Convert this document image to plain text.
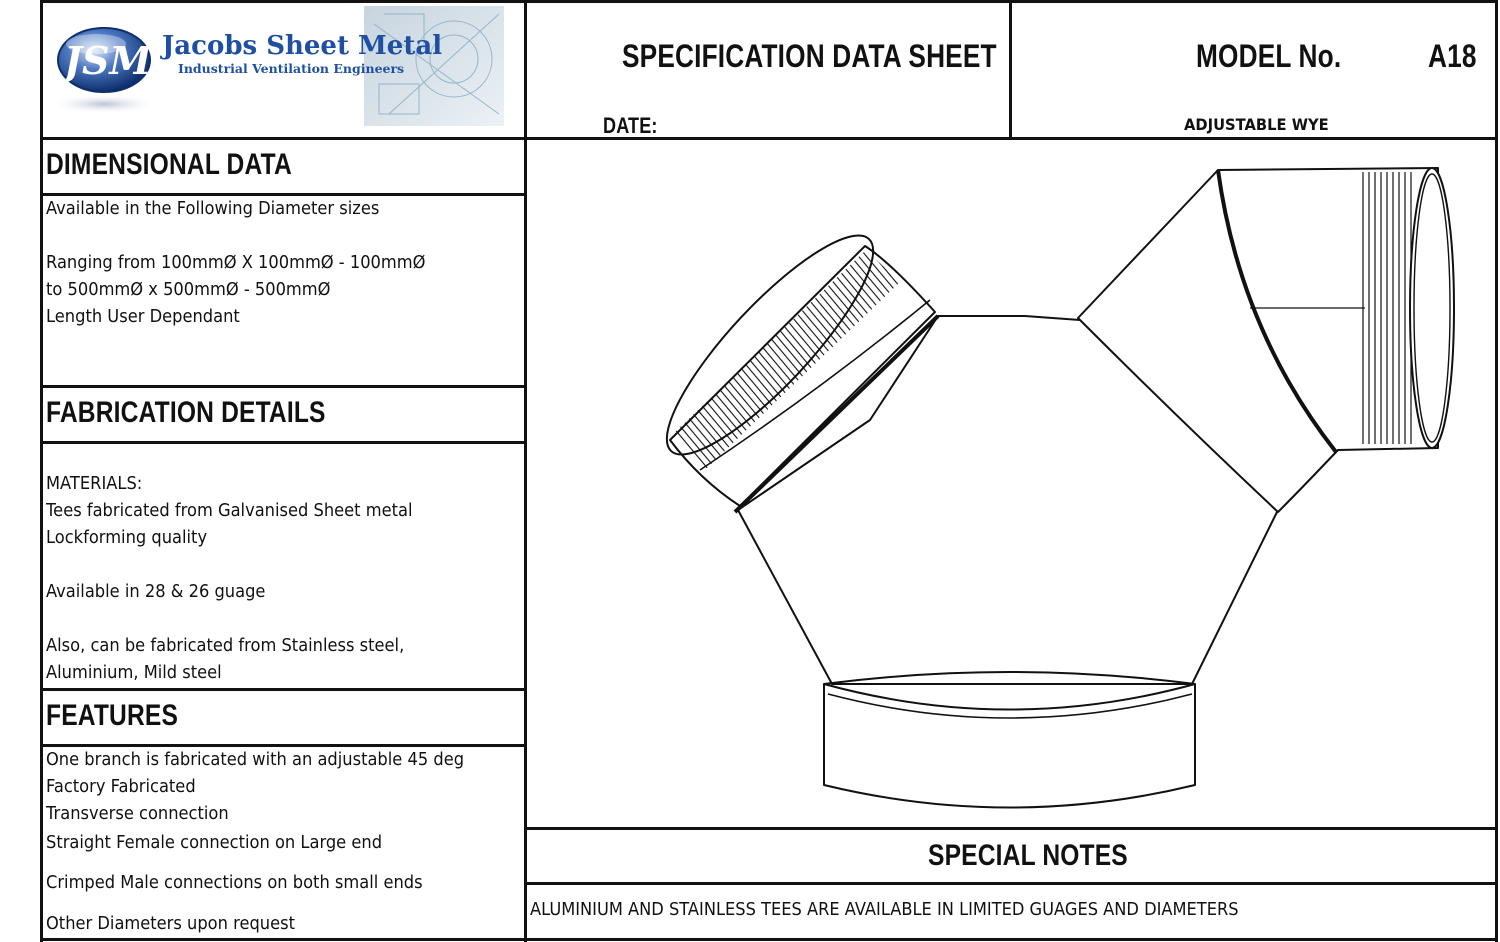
JSM Jacobs Sheet Metal
Industrial Ventilation Engineers	SPECIFICATION DATA SHEET
DATE:
MODEL No.	A18
ADJUSTABLE WYE
DIMENSIONAL DATA
Available in the Following Diameter sizes
Ranging from 100mmØ X 100mmØ - 100mmØ
to 500mmØ x 500mmØ - 500mmØ
Length User Dependant
FABRICATION DETAILS
MATERIALS:
Tees fabricated from Galvanised Sheet metal
Lockforming quality
Available in 28 & 26 guage
Also, can be fabricated from Stainless steel,
Aluminium, Mild steel
FEATURES
One branch is fabricated with an adjustable 45 deg
Factory Fabricated
Transverse connection
Straight Female connection on Large end
Crimped Male connections on both small ends
Other Diameters upon request
SPECIAL NOTES
ALUMINIUM AND STAINLESS TEES ARE AVAILABLE IN LIMITED GUAGES AND DIAMETERS
